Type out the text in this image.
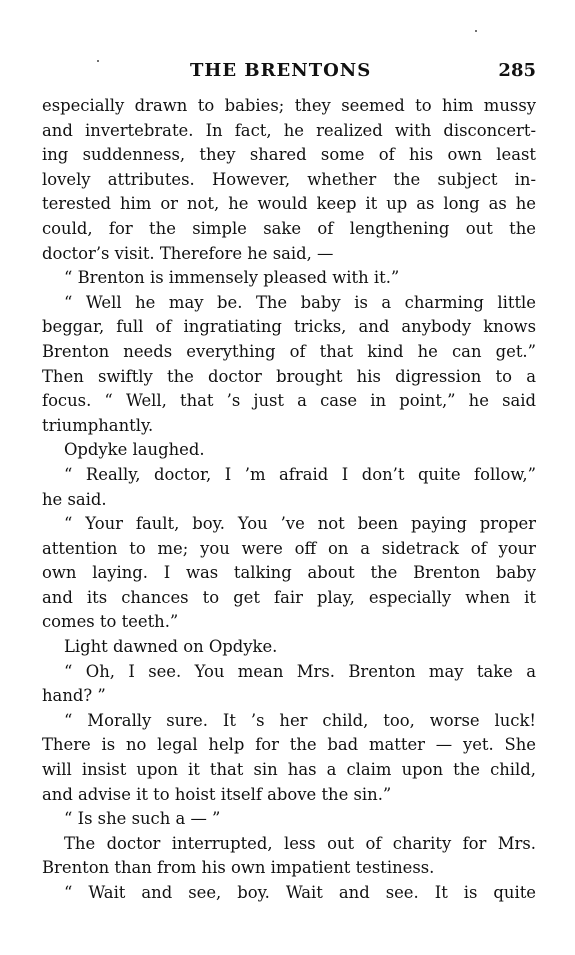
THE BRENTONS	285
especially drawn to babies; they seemed to him mussy
and invertebrate. In fact, he realized with disconcert-
ing suddenness, they shared some of his own least
lovely attributes. However, whether the subject in-
terested him or not, he would keep it up as long as he
could, for the simple sake of lengthening out the
doctor’s visit. Therefore he said, —
“ Brenton is immensely pleased with it.”
“ Well he may be. The baby is a charming little
beggar, full of ingratiating tricks, and anybody knows
Brenton needs everything of that kind he can get.”
Then swiftly the doctor brought his digression to a
focus. “ Well, that ’s just a case in point,” he said
triumphantly.
Opdyke laughed.
“ Really, doctor, I ’m afraid I don’t quite follow,”
he said.
“ Your fault, boy. You ’ve not been paying proper
attention to me; you were off on a sidetrack of your
own laying. I was talking about the Brenton baby
and its chances to get fair play, especially when it
comes to teeth.”
Light dawned on Opdyke.
“ Oh, I see. You mean Mrs. Brenton may take a
hand? ”
“ Morally sure. It ’s her child, too, worse luck!
There is no legal help for the bad matter — yet. She
will insist upon it that sin has a claim upon the child,
and advise it to hoist itself above the sin.”
“ Is she such a — ”
The doctor interrupted, less out of charity for Mrs.
Brenton than from his own impatient testiness.
“ Wait and see, boy. Wait and see. It is quite
